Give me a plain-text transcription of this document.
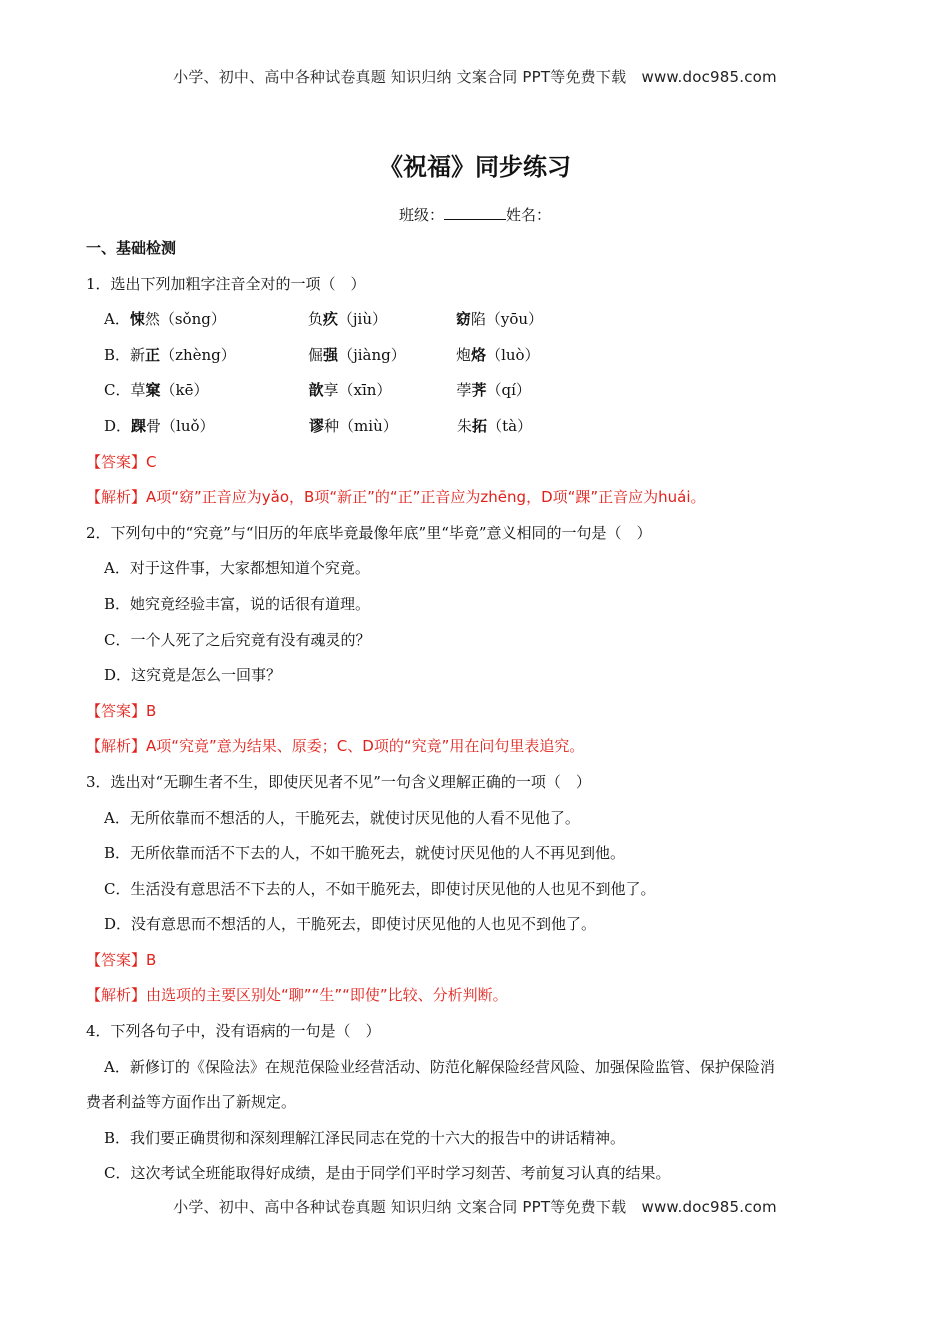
小学、初中、高中各种试卷真题 知识归纳 文案合同 PPT等免费下载　www.doc985.com
《祝福》同步练习
班级：	姓名：
一、基础检测
1．选出下列加粗字注音全对的一项（　）
A．悚然（sǒng）	负疚（jiù）	窈陷（yōu）
B．新正（zhèng）	倔强（jiàng）	炮烙（luò）
C．草窠（kē）	歆享（xīn）	荸荠（qí）
D．踝骨（luǒ）	谬种（miù）	朱拓（tà）
【答案】C
【解析】A项“窈”正音应为yǎo，B项“新正”的“正”正音应为zhēng，D项“踝”正音应为huái。
2．下列句中的“究竟”与“旧历的年底毕竟最像年底”里“毕竟”意义相同的一句是（　）
A．对于这件事，大家都想知道个究竟。
B．她究竟经验丰富，说的话很有道理。
C．一个人死了之后究竟有没有魂灵的？
D．这究竟是怎么一回事？
【答案】B
【解析】A项“究竟”意为结果、原委；C、D项的“究竟”用在问句里表追究。
3．选出对“无聊生者不生，即使厌见者不见”一句含义理解正确的一项（　）
A．无所依靠而不想活的人，干脆死去，就使讨厌见他的人看不见他了。
B．无所依靠而活不下去的人，不如干脆死去，就使讨厌见他的人不再见到他。
C．生活没有意思活不下去的人，不如干脆死去，即使讨厌见他的人也见不到他了。
D．没有意思而不想活的人，干脆死去，即使讨厌见他的人也见不到他了。
【答案】B
【解析】由选项的主要区别处“聊”“生”“即使”比较、分析判断。
4．下列各句子中，没有语病的一句是（　）
A．新修订的《保险法》在规范保险业经营活动、防范化解保险经营风险、加强保险监管、保护保险消
费者利益等方面作出了新规定。
B．我们要正确贯彻和深刻理解江泽民同志在党的十六大的报告中的讲话精神。
C．这次考试全班能取得好成绩，是由于同学们平时学习刻苦、考前复习认真的结果。
小学、初中、高中各种试卷真题 知识归纳 文案合同 PPT等免费下载　www.doc985.com
